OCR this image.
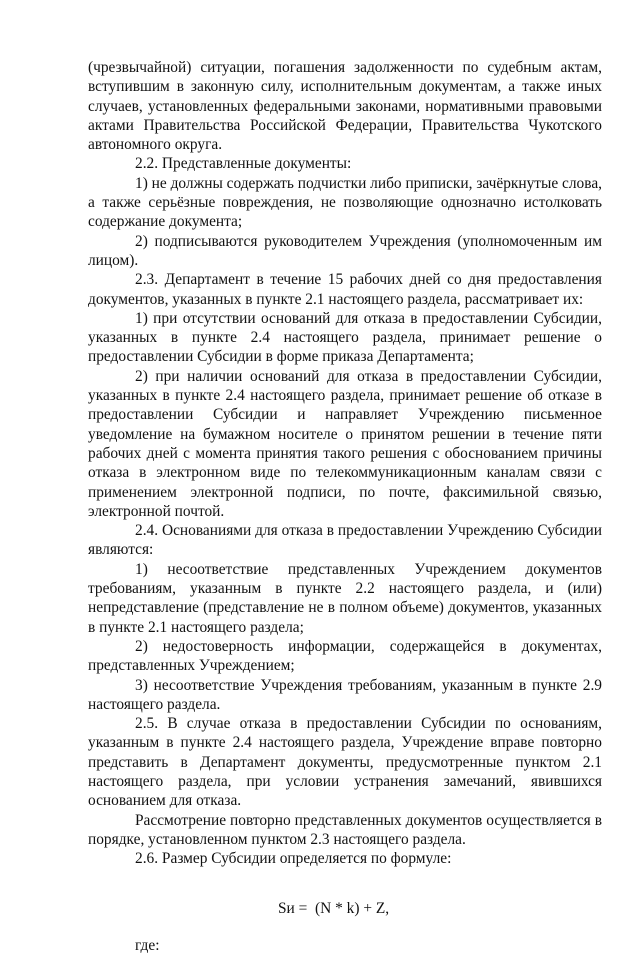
(чрезвычайной) ситуации, погашения задолженности по судебным актам, вступившим в законную силу, исполнительным документам, а также иных случаев, установленных федеральными законами, нормативными правовыми актами Правительства Российской Федерации, Правительства Чукотского автономного округа.

2.2. Представленные документы:

1) не должны содержать подчистки либо приписки, зачёркнутые слова, а также серьёзные повреждения, не позволяющие однозначно истолковать содержание документа;

2) подписываются руководителем Учреждения (уполномоченным им лицом).

2.3. Департамент в течение 15 рабочих дней со дня предоставления документов, указанных в пункте 2.1 настоящего раздела, рассматривает их:

1) при отсутствии оснований для отказа в предоставлении Субсидии, указанных в пункте 2.4 настоящего раздела, принимает решение о предоставлении Субсидии в форме приказа Департамента;

2) при наличии оснований для отказа в предоставлении Субсидии, указанных в пункте 2.4 настоящего раздела, принимает решение об отказе в предоставлении Субсидии и направляет Учреждению письменное уведомление на бумажном носителе о принятом решении в течение пяти рабочих дней с момента принятия такого решения с обоснованием причины отказа в электронном виде по телекоммуникационным каналам связи с применением электронной подписи, по почте, факсимильной связью, электронной почтой.

2.4. Основаниями для отказа в предоставлении Учреждению Субсидии являются:

1) несоответствие представленных Учреждением документов требованиям, указанным в пункте 2.2 настоящего раздела, и (или) непредставление (представление не в полном объеме) документов, указанных в пункте 2.1 настоящего раздела;

2) недостоверность информации, содержащейся в документах, представленных Учреждением;

3) несоответствие Учреждения требованиям, указанным в пункте 2.9 настоящего раздела.

2.5. В случае отказа в предоставлении Субсидии по основаниям, указанным в пункте 2.4 настоящего раздела, Учреждение вправе повторно представить в Департамент документы, предусмотренные пунктом 2.1 настоящего раздела, при условии устранения замечаний, явившихся основанием для отказа.

Рассмотрение повторно представленных документов осуществляется в порядке, установленном пунктом 2.3 настоящего раздела.

2.6. Размер Субсидии определяется по формуле:

Sи =  (N * k) + Z,

где:
